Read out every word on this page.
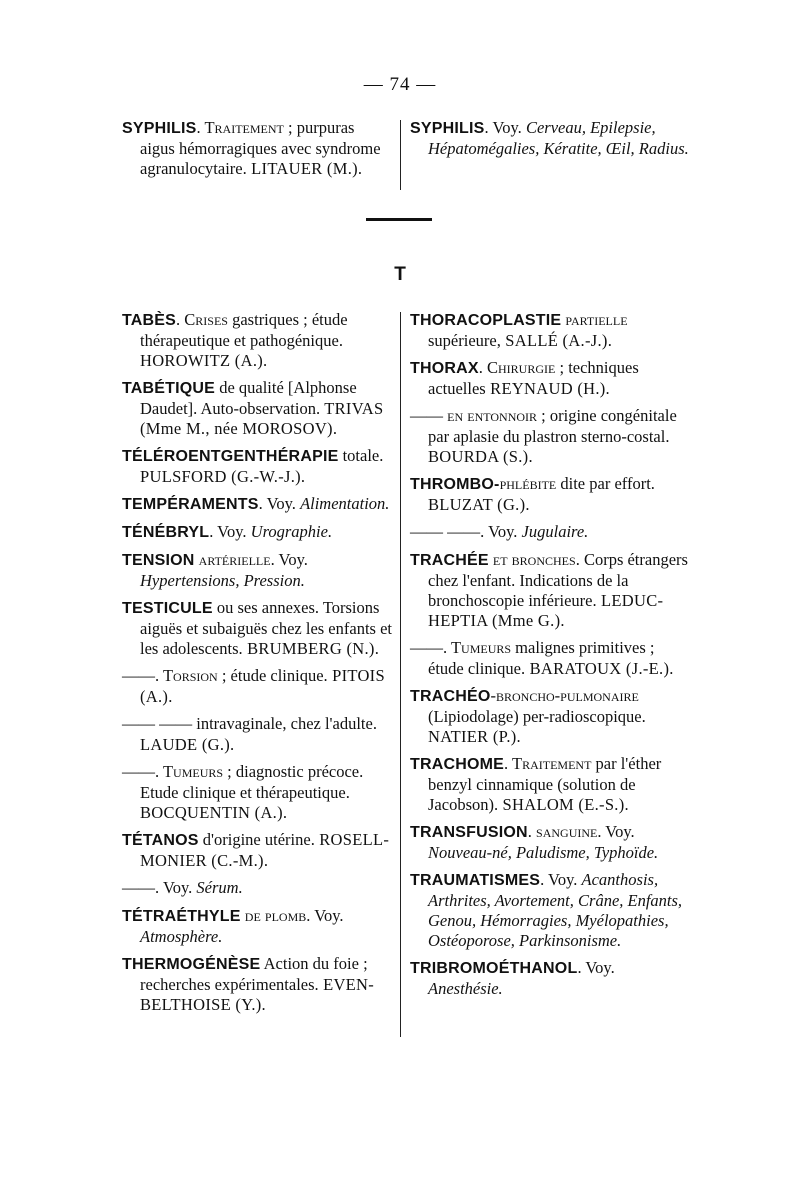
— 74 —
SYPHILIS. Traitement ; purpuras aigus hémorragiques avec syndrome agranulocytaire. LITAUER (M.).
SYPHILIS. Voy. Cerveau, Epilepsie, Hépatomégalies, Kératite, Œil, Radius.
T
TABÈS. Crises gastriques ; étude thérapeutique et pathogénique. HOROWITZ (A.).
TABÉTIQUE de qualité [Alphonse Daudet]. Auto-observation. TRIVAS (Mme M., née MOROSOV).
TÉLÉROENTGENTHÉRAPIE totale. PULSFORD (G.-W.-J.).
TEMPÉRAMENTS. Voy. Alimentation.
TÉNÉBRYL. Voy. Urographie.
TENSION artérielle. Voy. Hypertensions, Pression.
TESTICULE ou ses annexes. Torsions aiguës et subaiguës chez les enfants et les adolescents. BRUMBERG (N.).
——. Torsion ; étude clinique. PITOIS (A.).
—— —— intravaginale, chez l'adulte. LAUDE (G.).
——. Tumeurs ; diagnostic précoce. Etude clinique et thérapeutique. BOCQUENTIN (A.).
TÉTANOS d'origine utérine. ROSELL-MONIER (C.-M.).
——. Voy. Sérum.
TÉTRAÉTHYLE de plomb. Voy. Atmosphère.
THERMOGÉNÈSE Action du foie ; recherches expérimentales. EVEN-BELTHOISE (Y.).
THORACOPLASTIE partielle supérieure, SALLÉ (A.-J.).
THORAX. Chirurgie ; techniques actuelles REYNAUD (H.).
—— en entonnoir ; origine congénitale par aplasie du plastron sterno-costal. BOURDA (S.).
THROMBO-phlébite dite par effort. BLUZAT (G.).
—— ——. Voy. Jugulaire.
TRACHÉE et bronches. Corps étrangers chez l'enfant. Indications de la bronchoscopie inférieure. LEDUC-HEPTIA (Mme G.).
——. Tumeurs malignes primitives ; étude clinique. BARATOUX (J.-E.).
TRACHÉO-broncho-pulmonaire (Lipiodolage) per-radioscopique. NATIER (P.).
TRACHOME. Traitement par l'éther benzyl cinnamique (solution de Jacobson). SHALOM (E.-S.).
TRANSFUSION. sanguine. Voy. Nouveau-né, Paludisme, Typhoïde.
TRAUMATISMES. Voy. Acanthosis, Arthrites, Avortement, Crâne, Enfants, Genou, Hémorragies, Myélopathies, Ostéoporose, Parkinsonisme.
TRIBROMOÉTHANOL. Voy. Anesthésie.
